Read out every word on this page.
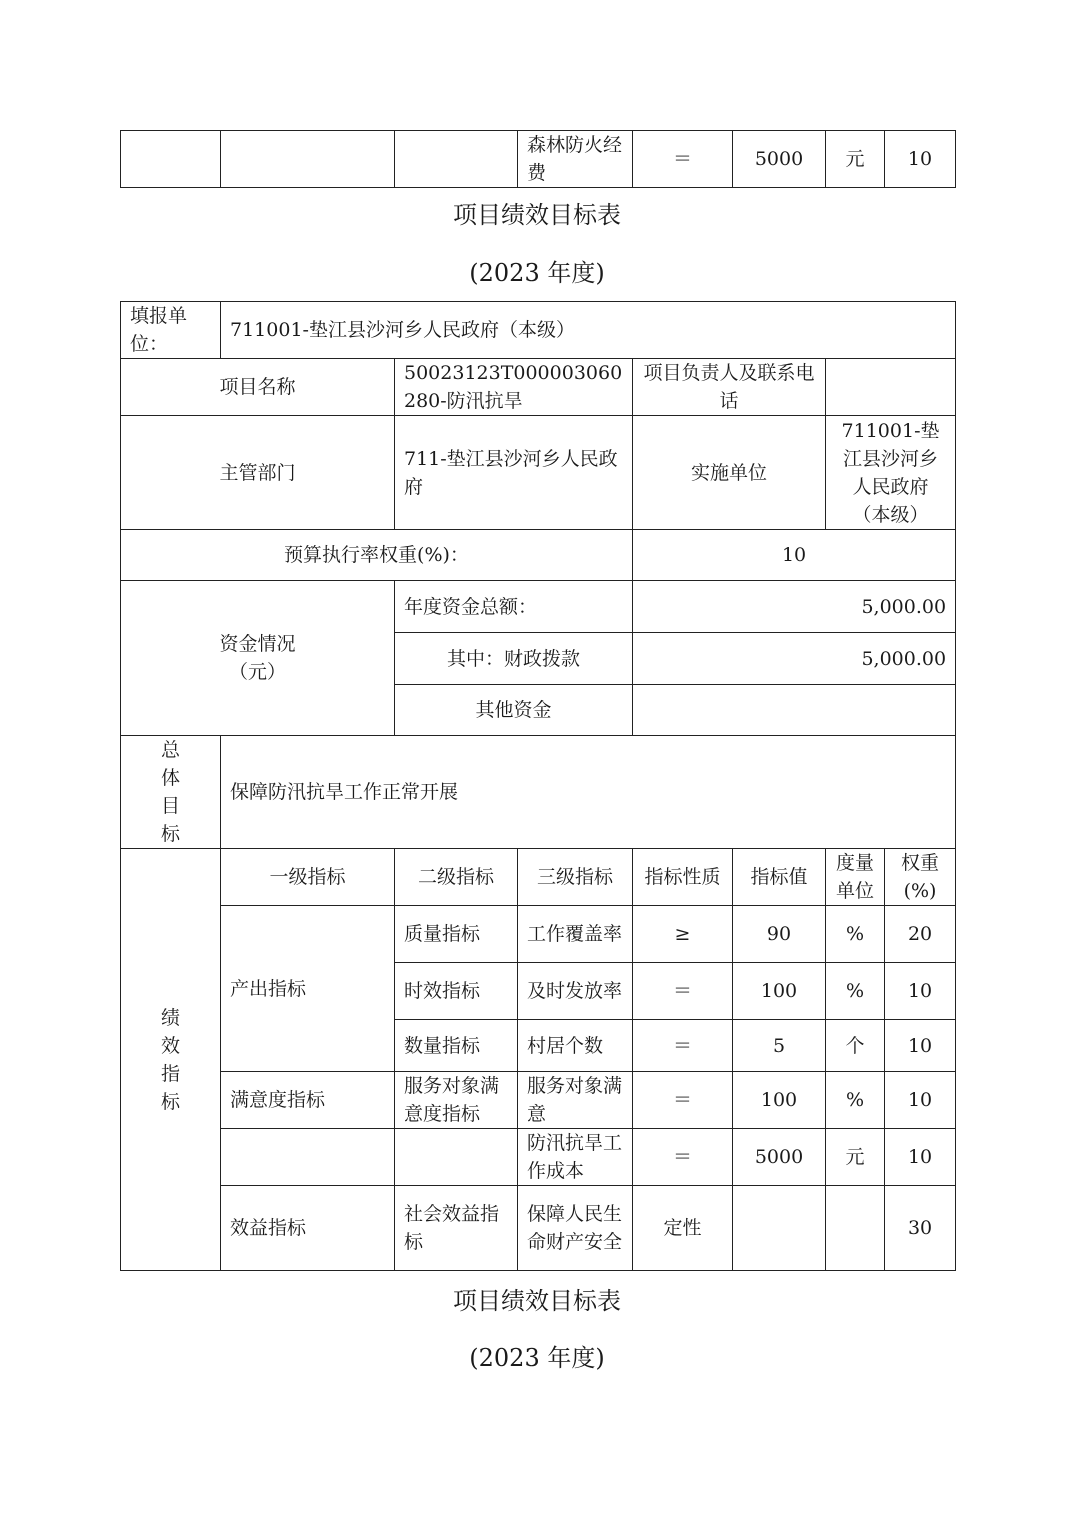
			森林防火经费	＝	5000	元	10
项目绩效目标表
(2023 年度)
填报单位：	711001-垫江县沙河乡人民政府（本级）						
项目名称		50023123T000003060280-防汛抗旱		项目负责人及联系电话			
主管部门		711-垫江县沙河乡人民政府		实施单位		711001-垫江县沙河乡人民政府（本级）	
预算执行率权重(%)：				10			
资金情况（元）		年度资金总额：		5,000.00			
		其中：财政拨款		5,000.00			
		其他资金					
总体目标	保障防汛抗旱工作正常开展						
绩效指标	一级指标	二级指标	三级指标	指标性质	指标值	度量单位	权重(%)
	产出指标	质量指标	工作覆盖率	≥	90	%	20
		时效指标	及时发放率	＝	100	%	10
		数量指标	村居个数	＝	5	个	10
	满意度指标	服务对象满意度指标	服务对象满意	＝	100	%	10
			防汛抗旱工作成本	＝	5000	元	10
	效益指标	社会效益指标	保障人民生命财产安全	定性			30
项目绩效目标表
(2023 年度)
